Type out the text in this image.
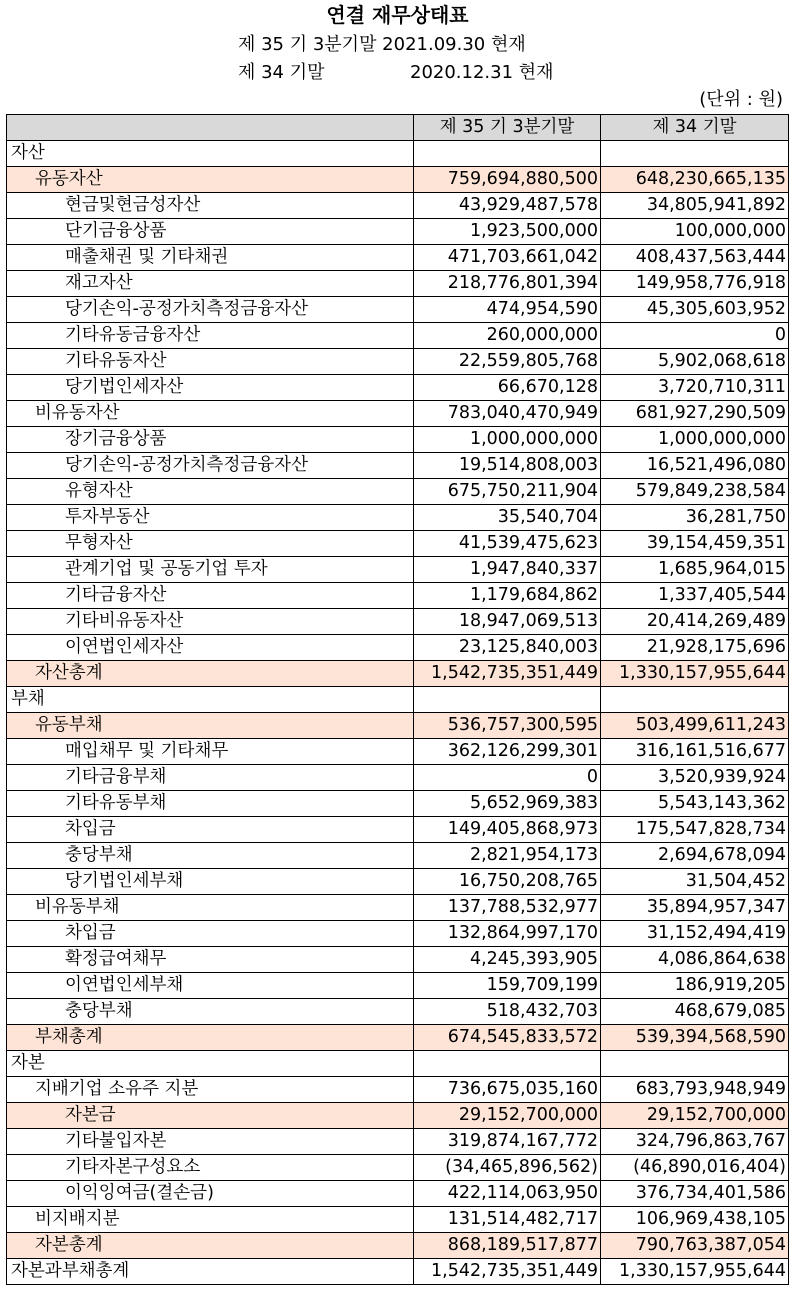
연결 재무상태표
제 35 기 3분기말 2021.09.30 현재
제 34 기말	2020.12.31 현재
(단위 : 원)
	제 35 기 3분기말	제 34 기말
자산		
유동자산	759,694,880,500	648,230,665,135
현금및현금성자산	43,929,487,578	34,805,941,892
단기금융상품	1,923,500,000	100,000,000
매출채권 및 기타채권	471,703,661,042	408,437,563,444
재고자산	218,776,801,394	149,958,776,918
당기손익-공정가치측정금융자산	474,954,590	45,305,603,952
기타유동금융자산	260,000,000	0
기타유동자산	22,559,805,768	5,902,068,618
당기법인세자산	66,670,128	3,720,710,311
비유동자산	783,040,470,949	681,927,290,509
장기금융상품	1,000,000,000	1,000,000,000
당기손익-공정가치측정금융자산	19,514,808,003	16,521,496,080
유형자산	675,750,211,904	579,849,238,584
투자부동산	35,540,704	36,281,750
무형자산	41,539,475,623	39,154,459,351
관계기업 및 공동기업 투자	1,947,840,337	1,685,964,015
기타금융자산	1,179,684,862	1,337,405,544
기타비유동자산	18,947,069,513	20,414,269,489
이연법인세자산	23,125,840,003	21,928,175,696
자산총계	1,542,735,351,449	1,330,157,955,644
부채		
유동부채	536,757,300,595	503,499,611,243
매입채무 및 기타채무	362,126,299,301	316,161,516,677
기타금융부채	0	3,520,939,924
기타유동부채	5,652,969,383	5,543,143,362
차입금	149,405,868,973	175,547,828,734
충당부채	2,821,954,173	2,694,678,094
당기법인세부채	16,750,208,765	31,504,452
비유동부채	137,788,532,977	35,894,957,347
차입금	132,864,997,170	31,152,494,419
확정급여채무	4,245,393,905	4,086,864,638
이연법인세부채	159,709,199	186,919,205
충당부채	518,432,703	468,679,085
부채총계	674,545,833,572	539,394,568,590
자본		
지배기업 소유주 지분	736,675,035,160	683,793,948,949
자본금	29,152,700,000	29,152,700,000
기타불입자본	319,874,167,772	324,796,863,767
기타자본구성요소	(34,465,896,562)	(46,890,016,404)
이익잉여금(결손금)	422,114,063,950	376,734,401,586
비지배지분	131,514,482,717	106,969,438,105
자본총계	868,189,517,877	790,763,387,054
자본과부채총계	1,542,735,351,449	1,330,157,955,644
